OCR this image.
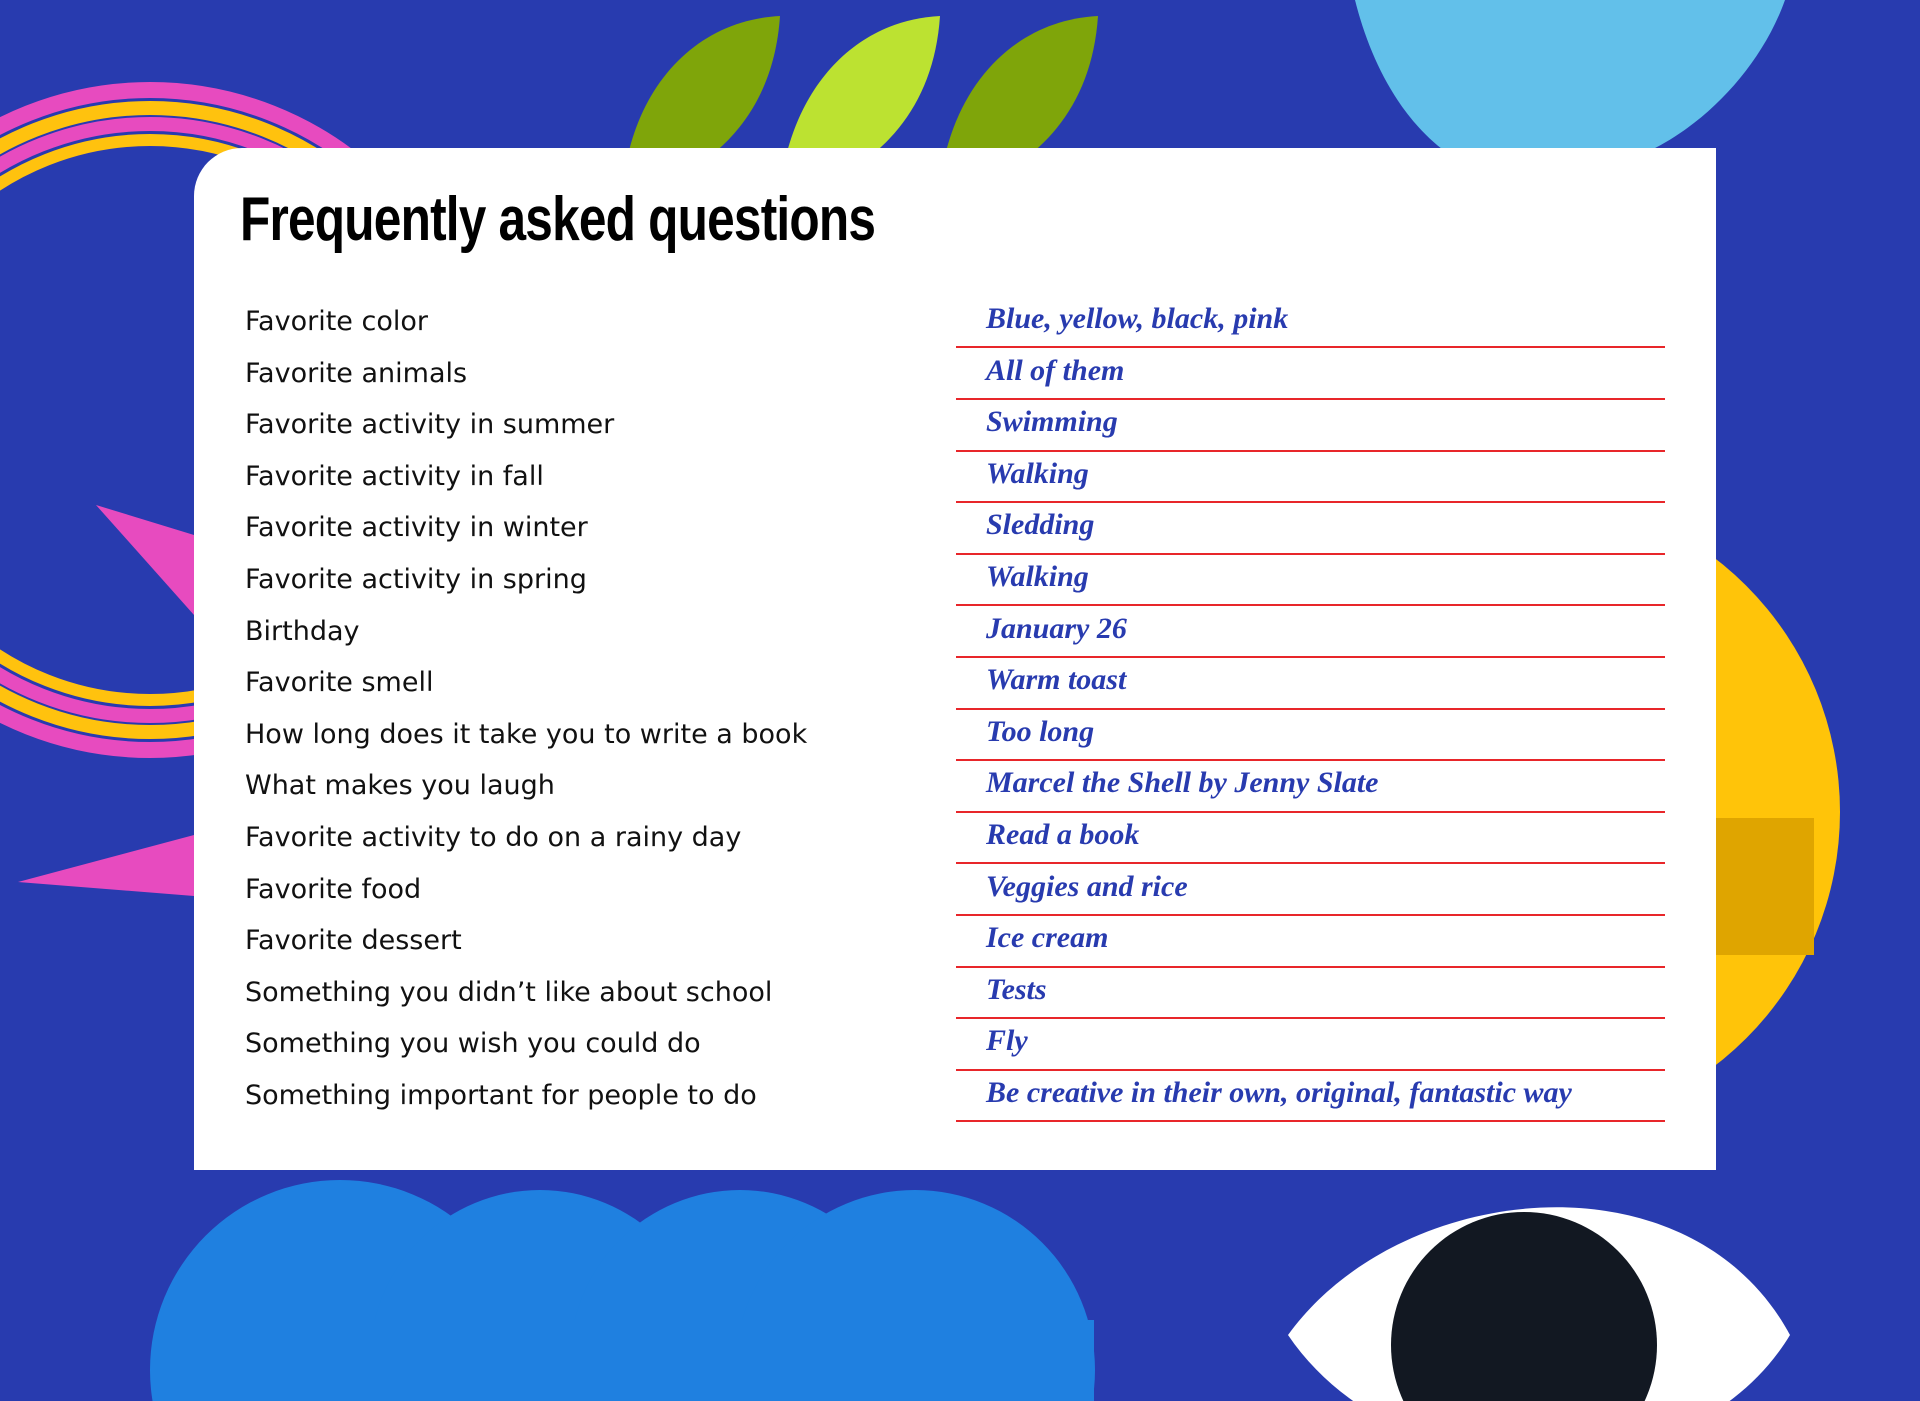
Frequently asked questions
Favorite color	Blue, yellow, black, pink
Favorite animals	All of them
Favorite activity in summer	Swimming
Favorite activity in fall	Walking
Favorite activity in winter	Sledding
Favorite activity in spring	Walking
Birthday	January 26
Favorite smell	Warm toast
How long does it take you to write a book	Too long
What makes you laugh	Marcel the Shell by Jenny Slate
Favorite activity to do on a rainy day	Read a book
Favorite food	Veggies and rice
Favorite dessert	Ice cream
Something you didn’t like about school	Tests
Something you wish you could do	Fly
Something important for people to do	Be creative in their own, original, fantastic way
